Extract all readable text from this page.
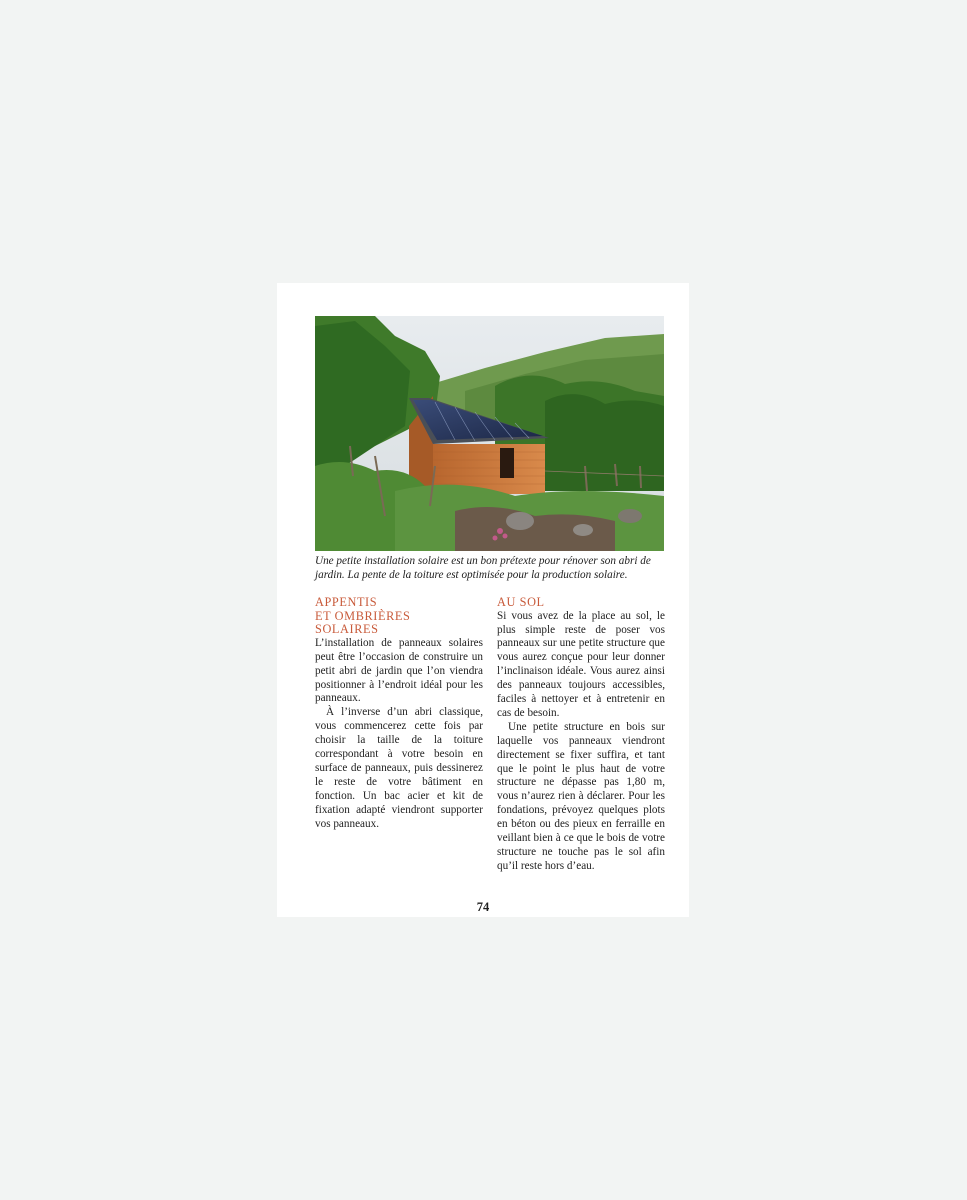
Une petite installation solaire est un bon prétexte pour rénover son abri de jardin. La pente de la toiture est optimisée pour la production solaire.
APPENTIS
ET OMBRIÈRES
SOLAIRES

L’installation de panneaux solaires peut être l’occasion de construire un petit abri de jardin que l’on viendra positionner à l’endroit idéal pour les panneaux.

À l’inverse d’un abri classique, vous commencerez cette fois par choisir la taille de la toiture correspondant à votre besoin en surface de panneaux, puis dessinerez le reste de votre bâtiment en fonction. Un bac acier et kit de fixation adapté viendront supporter vos panneaux.

AU SOL

Si vous avez de la place au sol, le plus simple reste de poser vos panneaux sur une petite structure que vous aurez conçue pour leur donner l’inclinaison idéale. Vous aurez ainsi des panneaux toujours accessibles, faciles à nettoyer et à entretenir en cas de besoin.

Une petite structure en bois sur laquelle vos panneaux viendront directement se fixer suffira, et tant que le point le plus haut de votre structure ne dépasse pas 1,80 m, vous n’aurez rien à déclarer. Pour les fondations, prévoyez quelques plots en béton ou des pieux en ferraille en veillant bien à ce que le bois de votre structure ne touche pas le sol afin qu’il reste hors d’eau.

74
